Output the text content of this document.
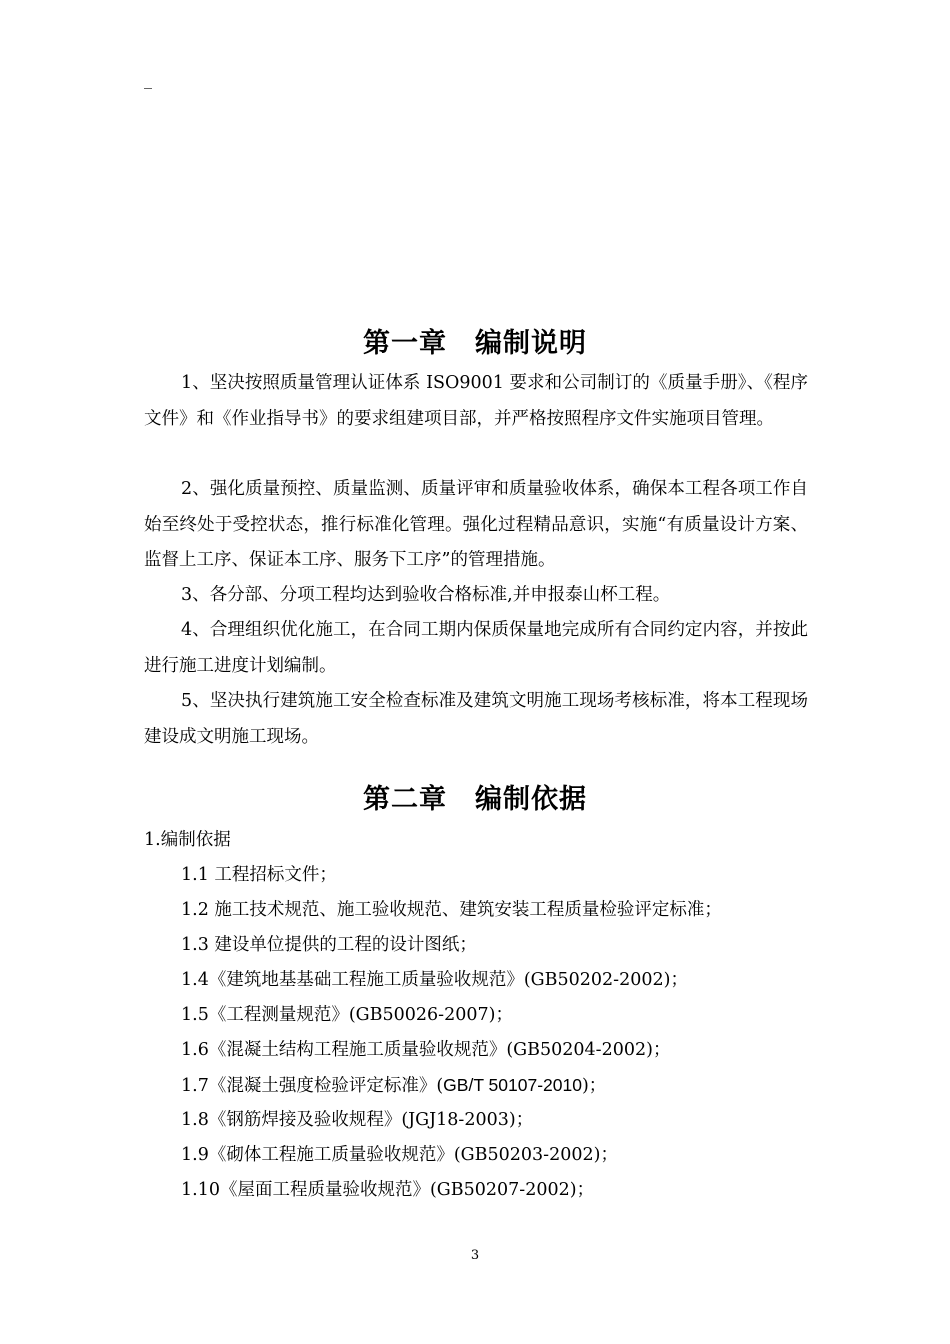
_
第一章　编制说明
1、坚决按照质量管理认证体系 ISO9001 要求和公司制订的《质量手册》、《程序文件》和《作业指导书》的要求组建项目部，并严格按照程序文件实施项目管理。
2、强化质量预控、质量监测、质量评审和质量验收体系，确保本工程各项工作自始至终处于受控状态，推行标准化管理。强化过程精品意识，实施“有质量设计方案、监督上工序、保证本工序、服务下工序”的管理措施。
3、各分部、分项工程均达到验收合格标准,并申报泰山杯工程。
4、合理组织优化施工，在合同工期内保质保量地完成所有合同约定内容，并按此进行施工进度计划编制。
5、坚决执行建筑施工安全检查标准及建筑文明施工现场考核标准，将本工程现场建设成文明施工现场。
第二章　编制依据
1.编制依据
1.1 工程招标文件；
1.2 施工技术规范、施工验收规范、建筑安装工程质量检验评定标准；
1.3 建设单位提供的工程的设计图纸；
1.4《建筑地基基础工程施工质量验收规范》(GB50202-2002)；
1.5《工程测量规范》(GB50026-2007)；
1.6《混凝土结构工程施工质量验收规范》(GB50204-2002)；
1.7《混凝土强度检验评定标准》(GB/T 50107-2010)；
1.8《钢筋焊接及验收规程》(JGJ18-2003)；
1.9《砌体工程施工质量验收规范》(GB50203-2002)；
1.10《屋面工程质量验收规范》(GB50207-2002)；
3
